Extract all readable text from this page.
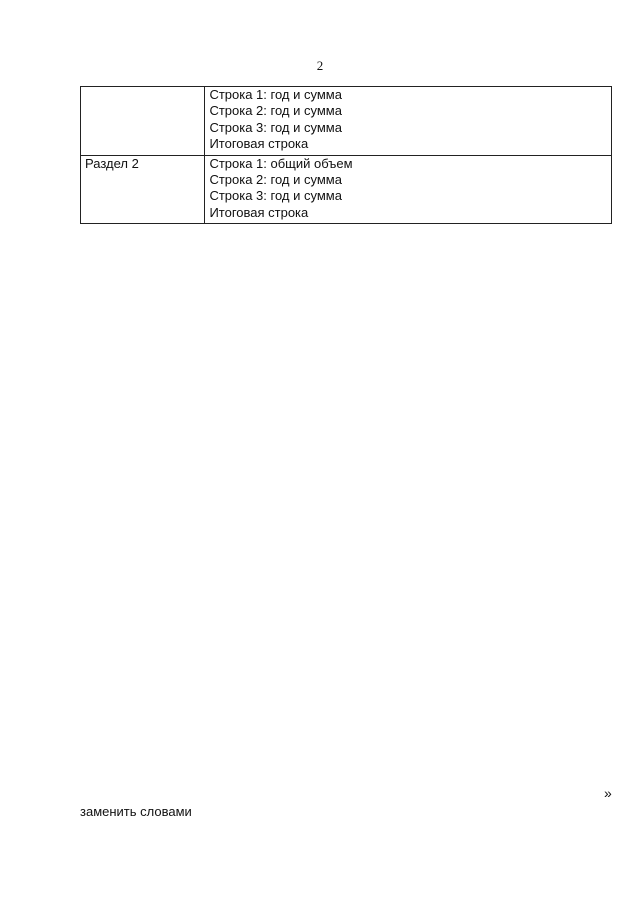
2

	Строка 1: год и сумма
Строка 2: год и сумма
Строка 3: год и сумма
Итоговая строка

Раздел 2	Строка 1: общий объем
Строка 2: год и сумма
Строка 3: год и сумма
Итоговая строка
»
заменить словами
